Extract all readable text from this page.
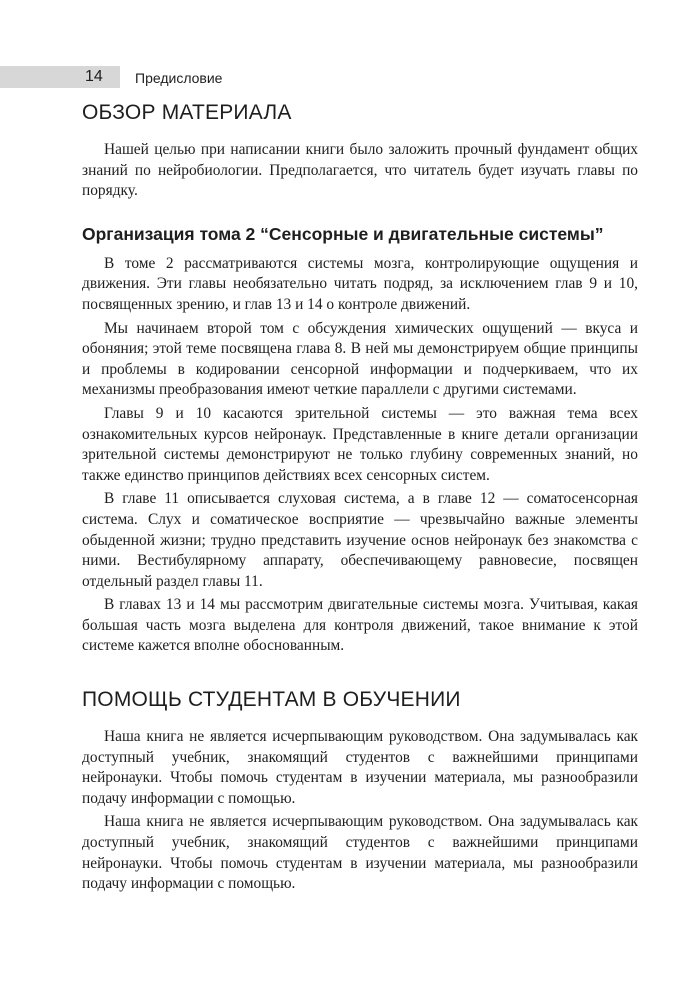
14 Предисловие
ОБЗОР МАТЕРИАЛА

Нашей целью при написании книги было заложить прочный фундамент общих знаний по нейробиологии. Предполагается, что читатель будет изучать главы по порядку.

Организация тома 2 “Сенсорные и двигательные системы”

В томе 2 рассматриваются системы мозга, контролирующие ощущения и движения. Эти главы необязательно читать подряд, за исключением глав 9 и 10, посвященных зрению, и глав 13 и 14 о контроле движений.

Мы начинаем второй том с обсуждения химических ощущений — вкуса и обоняния; этой теме посвящена глава 8. В ней мы демонстрируем общие принципы и проблемы в кодировании сенсорной информации и подчеркиваем, что их механизмы преобразования имеют четкие параллели с другими системами.

Главы 9 и 10 касаются зрительной системы — это важная тема всех ознакомительных курсов нейронаук. Представленные в книге детали организации зрительной системы демонстрируют не только глубину современных знаний, но также единство принципов действиях всех сенсорных систем.

В главе 11 описывается слуховая система, а в главе 12 — соматосенсорная система. Слух и соматическое восприятие — чрезвычайно важные элементы обыденной жизни; трудно представить изучение основ нейронаук без знакомства с ними. Вестибулярному аппарату, обеспечивающему равновесие, посвящен отдельный раздел главы 11.

В главах 13 и 14 мы рассмотрим двигательные системы мозга. Учитывая, какая большая часть мозга выделена для контроля движений, такое внимание к этой системе кажется вполне обоснованным.

ПОМОЩЬ СТУДЕНТАМ В ОБУЧЕНИИ

Наша книга не является исчерпывающим руководством. Она задумывалась как доступный учебник, знакомящий студентов с важнейшими принципами нейронауки. Чтобы помочь студентам в изучении материала, мы разнообразили подачу информации с помощью.

Наша книга не является исчерпывающим руководством. Она задумывалась как доступный учебник, знакомящий студентов с важнейшими принципами нейронауки. Чтобы помочь студентам в изучении материала, мы разнообразили подачу информации с помощью.
